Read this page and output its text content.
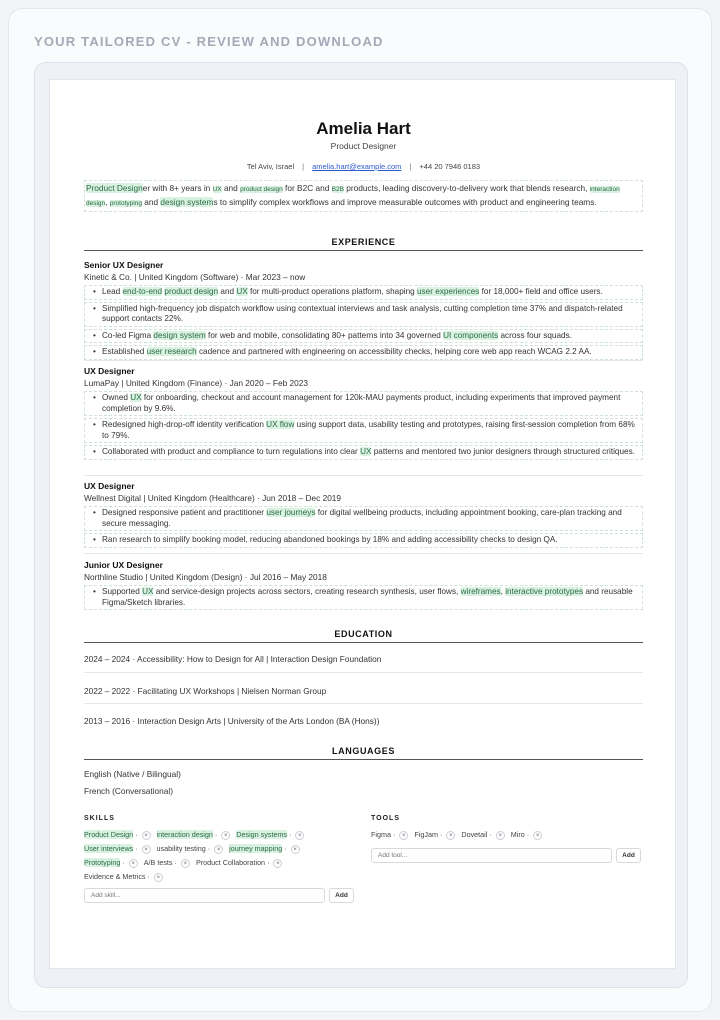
YOUR TAILORED CV - REVIEW AND DOWNLOAD
Amelia Hart
Product Designer
Tel Aviv, Israel | amelia.hart@example.com | +44 20 7946 0183
Product Designer with 8+ years in UX and product design for B2C and B2B products, leading discovery-to-delivery work that blends research, interaction design, prototyping and design systems to simplify complex workflows and improve measurable outcomes with product and engineering teams.
EXPERIENCE
Senior UX Designer
Kinetic & Co. | United Kingdom (Software) · Mar 2023 – now
• Lead end-to-end product design and UX for multi-product operations platform, shaping user experiences for 18,000+ field and office users.
• Simplified high-frequency job dispatch workflow using contextual interviews and task analysis, cutting completion time 37% and dispatch-related support contacts 22%.
• Co-led Figma design system for web and mobile, consolidating 80+ patterns into 34 governed UI components across four squads.
• Established user research cadence and partnered with engineering on accessibility checks, helping core web app reach WCAG 2.2 AA.
UX Designer
LumaPay | United Kingdom (Finance) · Jan 2020 – Feb 2023
• Owned UX for onboarding, checkout and account management for 120k-MAU payments product, including experiments that improved payment completion by 9.6%.
• Redesigned high-drop-off identity verification UX flow using support data, usability testing and prototypes, raising first-session completion from 68% to 79%.
• Collaborated with product and compliance to turn regulations into clear UX patterns and mentored two junior designers through structured critiques.
UX Designer
Wellnest Digital | United Kingdom (Healthcare) · Jun 2018 – Dec 2019
• Designed responsive patient and practitioner user journeys for digital wellbeing products, including appointment booking, care-plan tracking and secure messaging.
• Ran research to simplify booking model, reducing abandoned bookings by 18% and adding accessibility checks to design QA.
Junior UX Designer
Northline Studio | United Kingdom (Design) · Jul 2016 – May 2018
• Supported UX and service-design projects across sectors, creating research synthesis, user flows, wireframes, interactive prototypes and reusable Figma/Sketch libraries.
EDUCATION
2024 – 2024 · Accessibility: How to Design for All | Interaction Design Foundation
2022 – 2022 · Facilitating UX Workshops | Nielsen Norman Group
2013 – 2016 · Interaction Design Arts | University of the Arts London (BA (Hons))
LANGUAGES
English (Native / Bilingual)
French (Conversational)
SKILLS
Product Design · × interaction design · × Design systems · × User interviews · × usability testing · × journey mapping · × Prototyping · × A/B tests · × Product Collaboration · × Evidence & Metrics · ×
Add skill...
Add
TOOLS
Figma · × FigJam · × Dovetail · × Miro · ×
Add tool...
Add
